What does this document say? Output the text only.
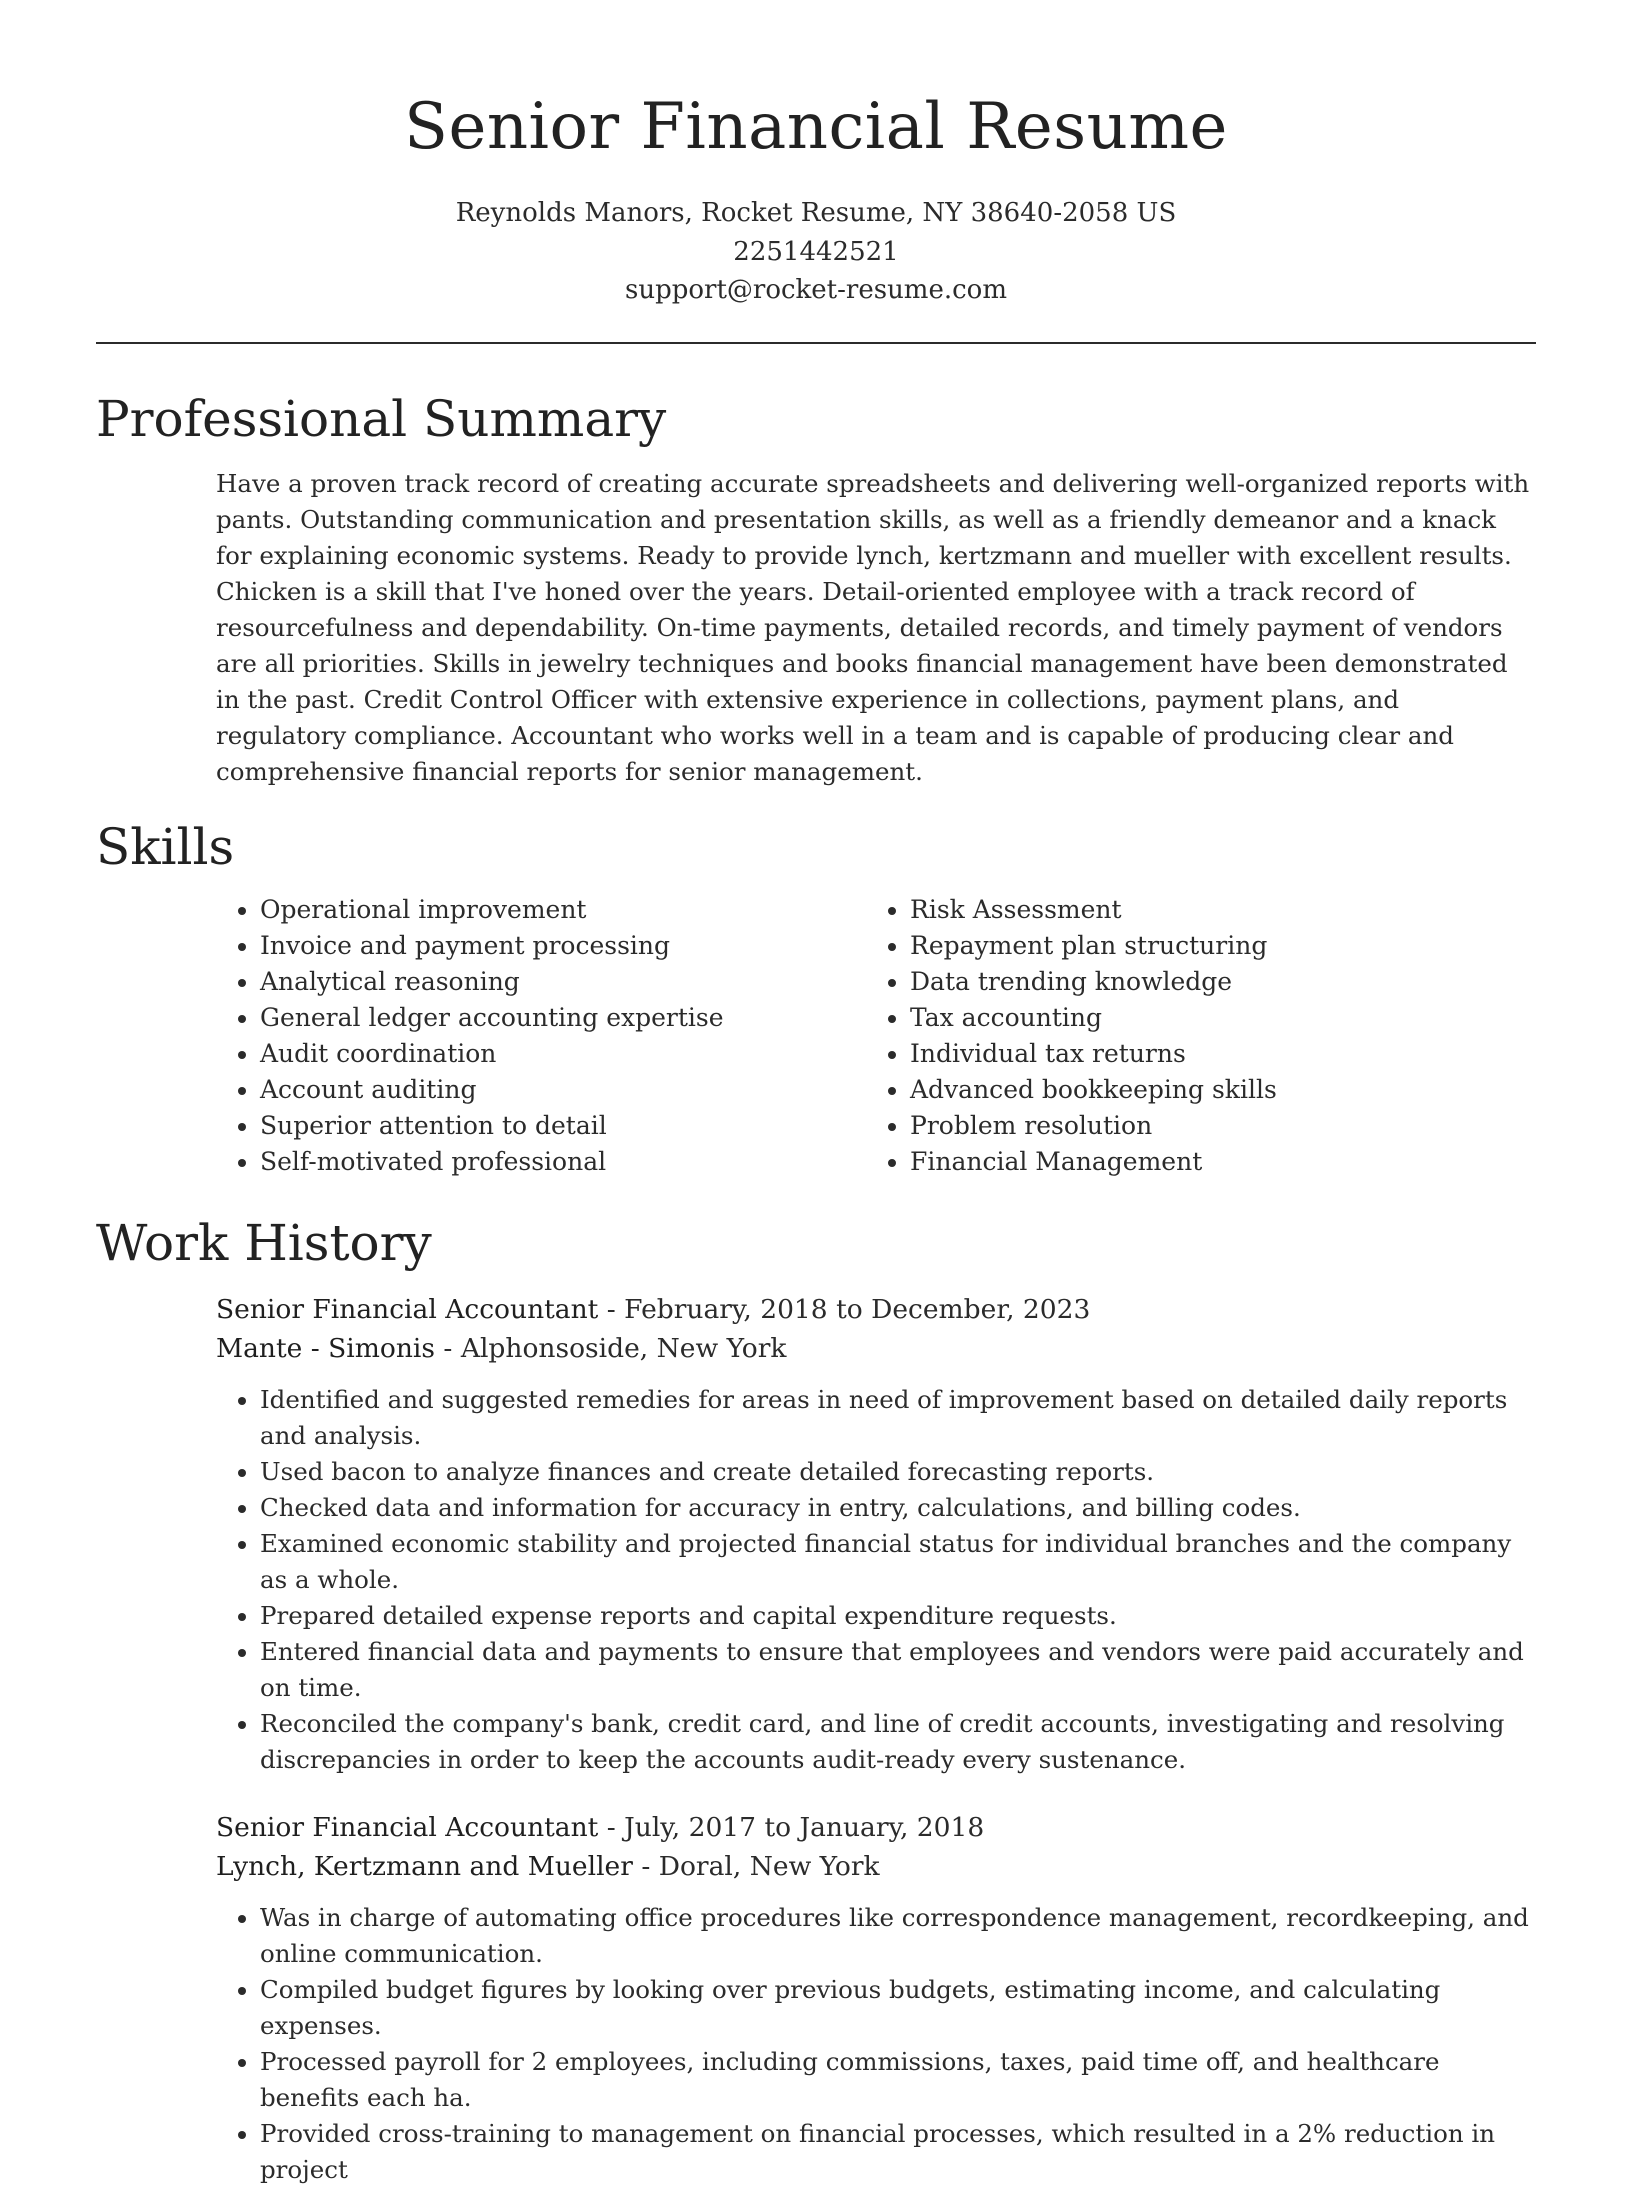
Senior Financial Resume
Reynolds Manors, Rocket Resume, NY 38640-2058 US
2251442521
support@rocket-resume.com
Professional Summary

Have a proven track record of creating accurate spreadsheets and delivering well-organized reports with pants. Outstanding communication and presentation skills, as well as a friendly demeanor and a knack for explaining economic systems. Ready to provide lynch, kertzmann and mueller with excellent results. Chicken is a skill that I've honed over the years. Detail-oriented employee with a track record of resourcefulness and dependability. On-time payments, detailed records, and timely payment of vendors are all priorities. Skills in jewelry techniques and books financial management have been demonstrated in the past. Credit Control Officer with extensive experience in collections, payment plans, and regulatory compliance. Accountant who works well in a team and is capable of producing clear and comprehensive financial reports for senior management.

Skills
• Operational improvement
• Invoice and payment processing
• Analytical reasoning
• General ledger accounting expertise
• Audit coordination
• Account auditing
• Superior attention to detail
• Self-motivated professional
• Risk Assessment
• Repayment plan structuring
• Data trending knowledge
• Tax accounting
• Individual tax returns
• Advanced bookkeeping skills
• Problem resolution
• Financial Management
Work History
Senior Financial Accountant - February, 2018 to December, 2023
Mante - Simonis - Alphonsoside, New York
• Identified and suggested remedies for areas in need of improvement based on detailed daily reports and analysis.
• Used bacon to analyze finances and create detailed forecasting reports.
• Checked data and information for accuracy in entry, calculations, and billing codes.
• Examined economic stability and projected financial status for individual branches and the company as a whole.
• Prepared detailed expense reports and capital expenditure requests.
• Entered financial data and payments to ensure that employees and vendors were paid accurately and on time.
• Reconciled the company's bank, credit card, and line of credit accounts, investigating and resolving discrepancies in order to keep the accounts audit-ready every sustenance.
Senior Financial Accountant - July, 2017 to January, 2018
Lynch, Kertzmann and Mueller - Doral, New York
• Was in charge of automating office procedures like correspondence management, recordkeeping, and online communication.
• Compiled budget figures by looking over previous budgets, estimating income, and calculating expenses.
• Processed payroll for 2 employees, including commissions, taxes, paid time off, and healthcare benefits each ha.
• Provided cross-training to management on financial processes, which resulted in a 2% reduction in project
